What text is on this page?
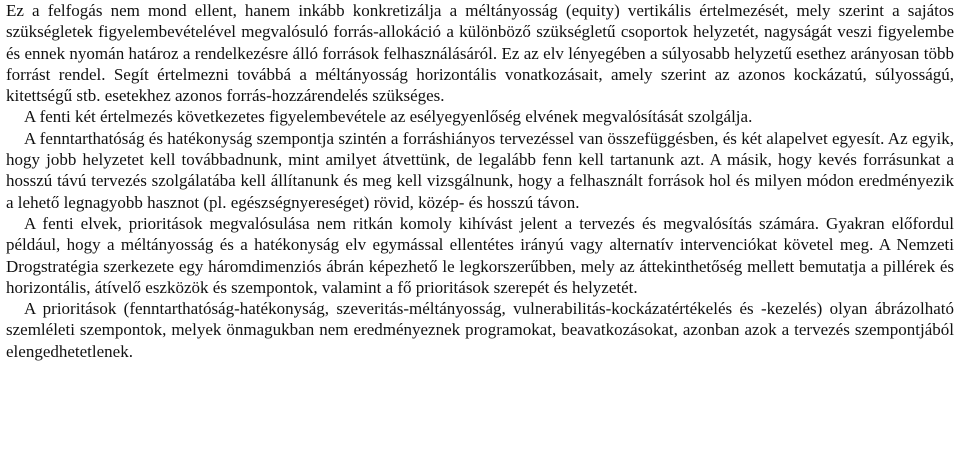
Ez a felfogás nem mond ellent, hanem inkább konkretizálja a méltányosság (equity) vertikális értelmezését, mely szerint a sajátos szükségletek figyelembevételével megvalósuló forrás-allokáció a különböző szükségletű csoportok helyzetét, nagyságát veszi figyelembe és ennek nyomán határoz a rendelkezésre álló források felhasználásáról. Ez az elv lényegében a súlyosabb helyzetű esethez arányosan több forrást rendel. Segít értelmezni továbbá a méltányosság horizontális vonatkozásait, amely szerint az azonos kockázatú, súlyosságú, kitettségű stb. esetekhez azonos forrás-hozzárendelés szükséges.

A fenti két értelmezés következetes figyelembevétele az esélyegyenlőség elvének megvalósítását szolgálja.

A fenntarthatóság és hatékonyság szempontja szintén a forráshiányos tervezéssel van összefüggésben, és két alapelvet egyesít. Az egyik, hogy jobb helyzetet kell továbbadnunk, mint amilyet átvettünk, de legalább fenn kell tartanunk azt. A másik, hogy kevés forrásunkat a hosszú távú tervezés szolgálatába kell állítanunk és meg kell vizsgálnunk, hogy a felhasznált források hol és milyen módon eredményezik a lehető legnagyobb hasznot (pl. egészségnyereséget) rövid, közép- és hosszú távon.

A fenti elvek, prioritások megvalósulása nem ritkán komoly kihívást jelent a tervezés és megvalósítás számára. Gyakran előfordul például, hogy a méltányosság és a hatékonyság elv egymással ellentétes irányú vagy alternatív intervenciókat követel meg. A Nemzeti Drogstratégia szerkezete egy háromdimenziós ábrán képezhető le legkorszerűbben, mely az áttekinthetőség mellett bemutatja a pillérek és horizontális, átívelő eszközök és szempontok, valamint a fő prioritások szerepét és helyzetét.

A prioritások (fenntarthatóság-hatékonyság, szeveritás-méltányosság, vulnerabilitás-kockázatértékelés és -kezelés) olyan ábrázolható szemléleti szempontok, melyek önmagukban nem eredményeznek programokat, beavatkozásokat, azonban azok a tervezés szempontjából elengedhetetlenek.
